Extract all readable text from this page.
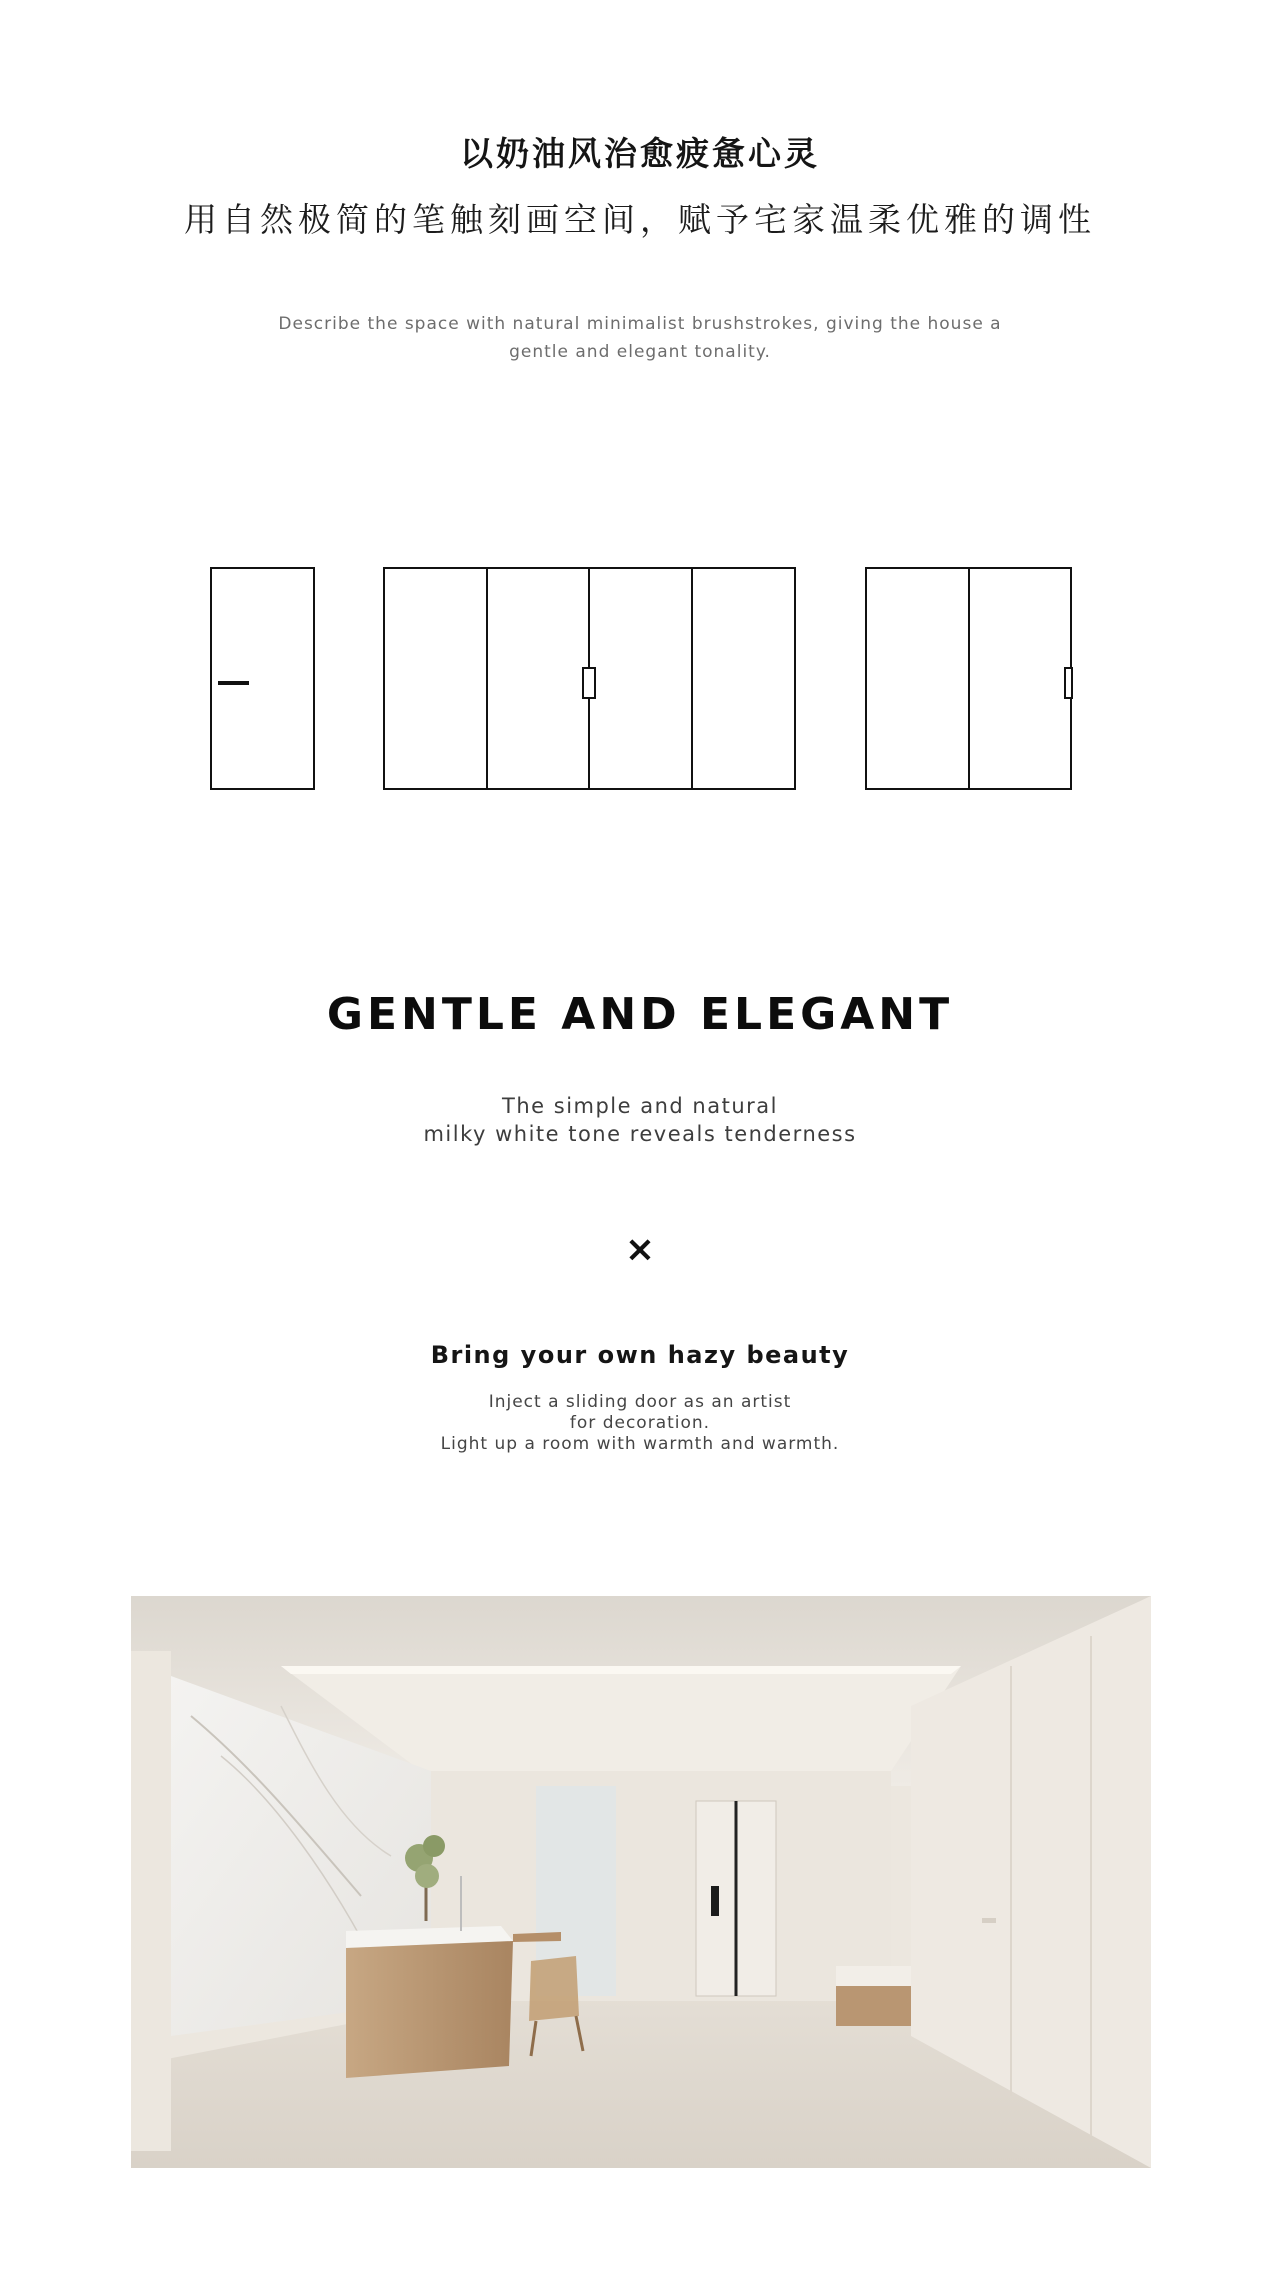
以奶油风治愈疲惫心灵
用自然极简的笔触刻画空间，赋予宅家温柔优雅的调性
Describe the space with natural minimalist brushstrokes, giving the house a gentle and elegant tonality.
GENTLE AND ELEGANT
The simple and natural
milky white tone reveals tenderness
×
Bring your own hazy beauty
Inject a sliding door as an artist
for decoration.
Light up a room with warmth and warmth.
